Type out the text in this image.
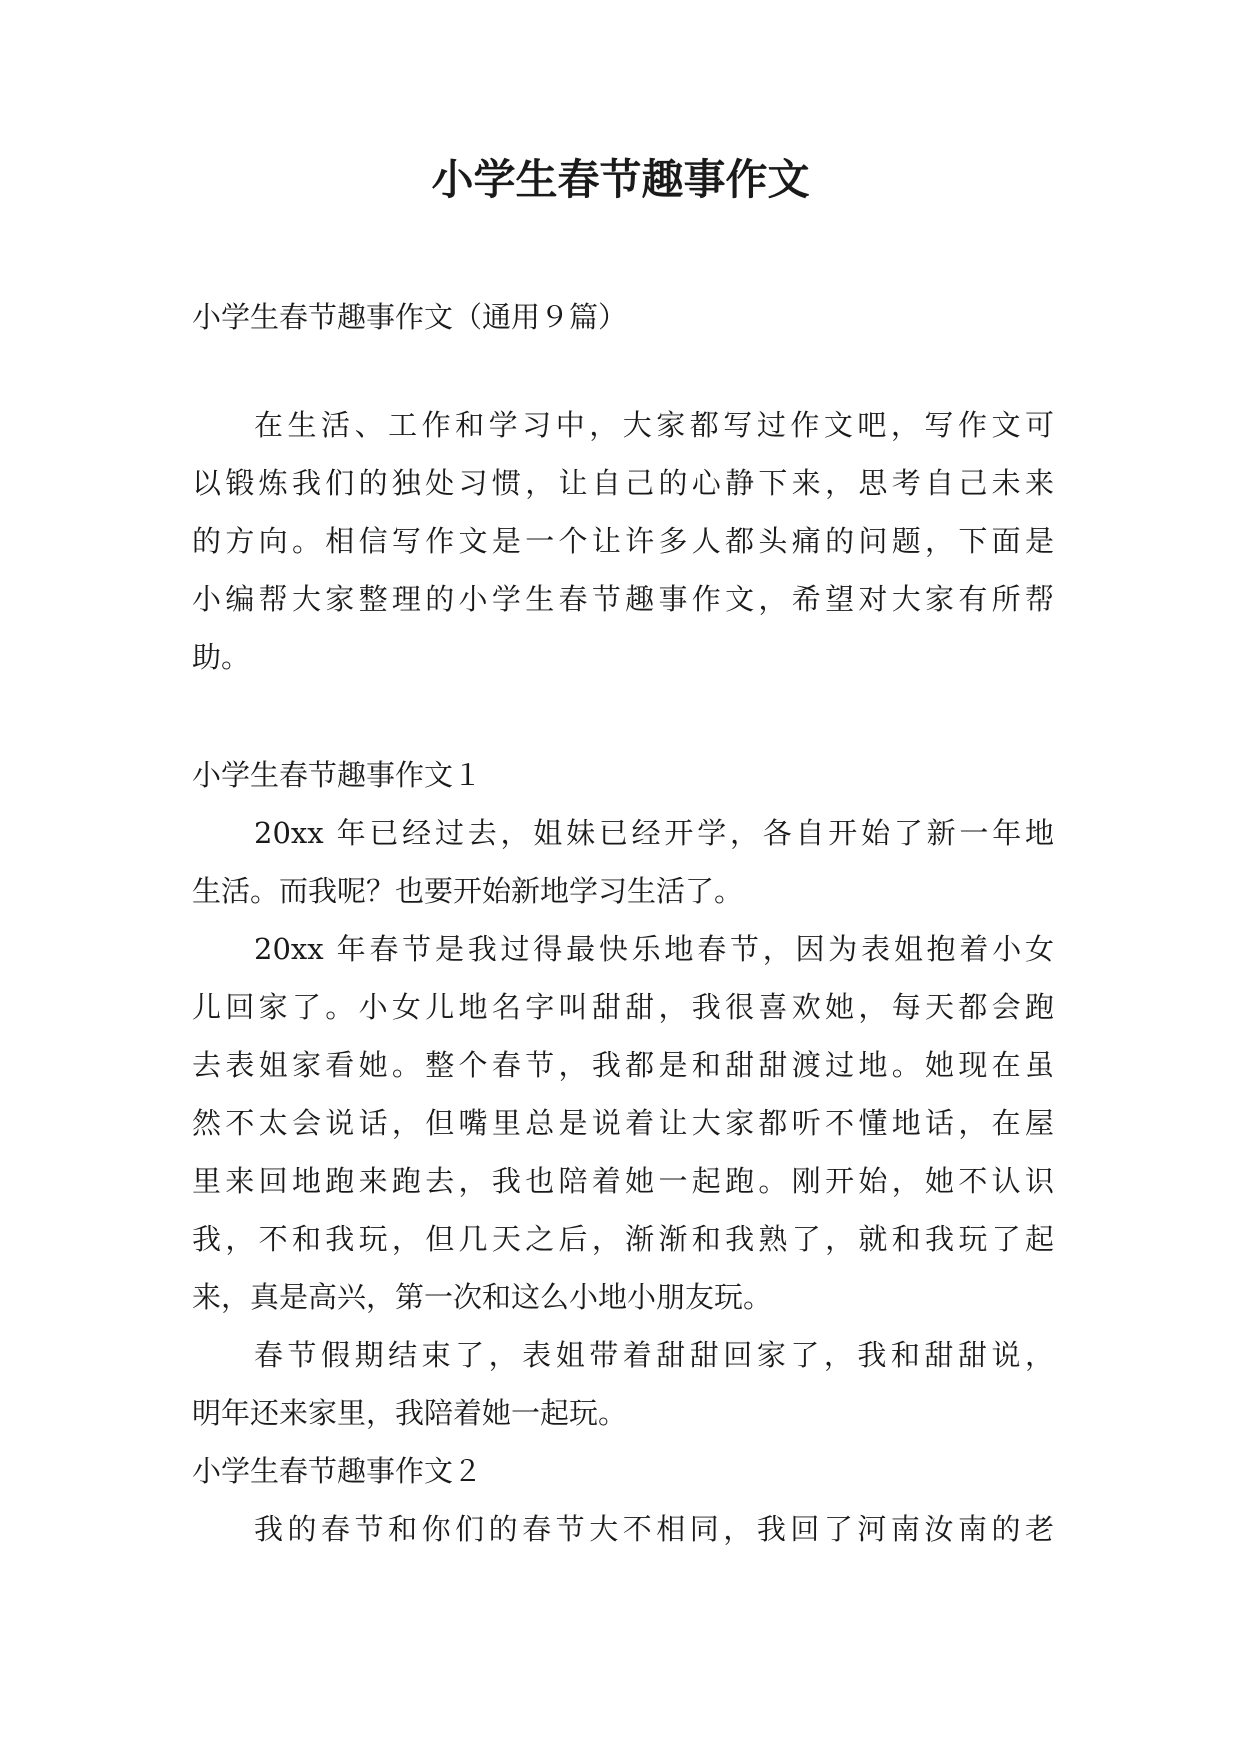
小学生春节趣事作文

小学生春节趣事作文（通用９篇）

在生活、工作和学习中，大家都写过作文吧，写作文可

以锻炼我们的独处习惯，让自己的心静下来，思考自己未来

的方向。相信写作文是一个让许多人都头痛的问题，下面是

小编帮大家整理的小学生春节趣事作文，希望对大家有所帮

助。

小学生春节趣事作文１

20xx 年已经过去，姐妹已经开学，各自开始了新一年地

生活。而我呢？也要开始新地学习生活了。

20xx 年春节是我过得最快乐地春节，因为表姐抱着小女

儿回家了。小女儿地名字叫甜甜，我很喜欢她，每天都会跑

去表姐家看她。整个春节，我都是和甜甜渡过地。她现在虽

然不太会说话，但嘴里总是说着让大家都听不懂地话，在屋

里来回地跑来跑去，我也陪着她一起跑。刚开始，她不认识

我，不和我玩，但几天之后，渐渐和我熟了，就和我玩了起

来，真是高兴，第一次和这么小地小朋友玩。

春节假期结束了，表姐带着甜甜回家了，我和甜甜说，

明年还来家里，我陪着她一起玩。

小学生春节趣事作文２

我的春节和你们的春节大不相同，我回了河南汝南的老
